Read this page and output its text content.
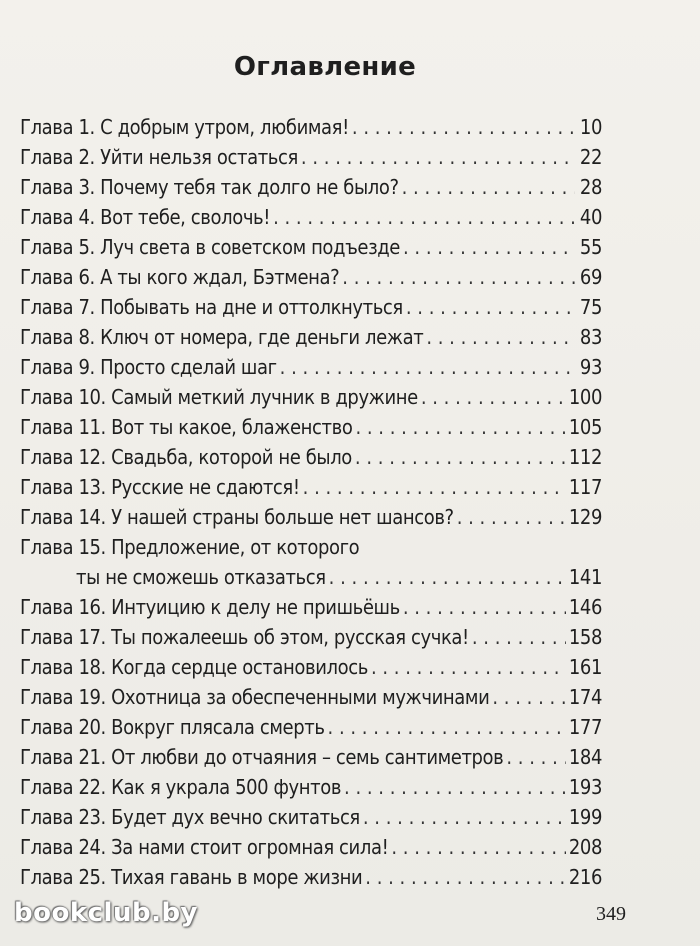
Оглавление
Глава 1. С добрым утром, любимая! . . .	10
Глава 2. Уйти нельзя остаться . . .	22
Глава 3. Почему тебя так долго не было? . . .	28
Глава 4. Вот тебе, сволочь! . . .	40
Глава 5. Луч света в советском подъезде . . .	55
Глава 6. А ты кого ждал, Бэтмена? . . .	69
Глава 7. Побывать на дне и оттолкнуться . . .	75
Глава 8. Ключ от номера, где деньги лежат . . .	83
Глава 9. Просто сделай шаг . . .	93
Глава 10. Самый меткий лучник в дружине . . .	100
Глава 11. Вот ты какое, блаженство . . .	105
Глава 12. Свадьба, которой не было . . .	112
Глава 13. Русские не сдаются! . . .	117
Глава 14. У нашей страны больше нет шансов? . . .	129
Глава 15. Предложение, от которого
ты не сможешь отказаться . . .	141
Глава 16. Интуицию к делу не пришьёшь . . .	146
Глава 17. Ты пожалеешь об этом, русская сучка! . . .	158
Глава 18. Когда сердце остановилось . . .	161
Глава 19. Охотница за обеспеченными мужчинами . . .	174
Глава 20. Вокруг плясала смерть . . .	177
Глава 21. От любви до отчаяния – семь сантиметров . . .	184
Глава 22. Как я украла 500 фунтов . . .	193
Глава 23. Будет дух вечно скитаться . . .	199
Глава 24. За нами стоит огромная сила! . . .	208
Глава 25. Тихая гавань в море жизни . . .	216
349
bookclub.by
